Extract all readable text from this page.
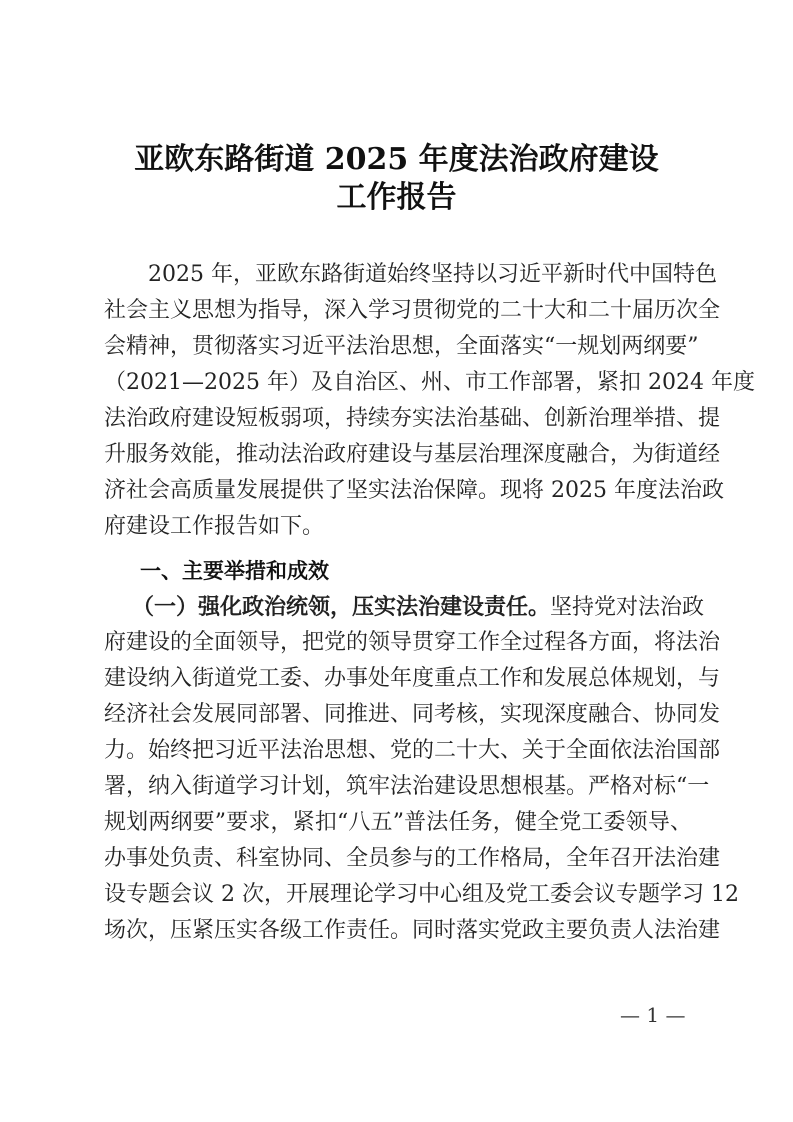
亚欧东路街道 2025 年度法治政府建设
工作报告
　　2025 年，亚欧东路街道始终坚持以习近平新时代中国特色
社会主义思想为指导，深入学习贯彻党的二十大和二十届历次全
会精神，贯彻落实习近平法治思想，全面落实“一规划两纲要”
（2021—2025 年）及自治区、州、市工作部署，紧扣 2024 年度
法治政府建设短板弱项，持续夯实法治基础、创新治理举措、提
升服务效能，推动法治政府建设与基层治理深度融合，为街道经
济社会高质量发展提供了坚实法治保障。现将 2025 年度法治政
府建设工作报告如下。
一、主要举措和成效
（一）强化政治统领，压实法治建设责任。坚持党对法治政
府建设的全面领导，把党的领导贯穿工作全过程各方面，将法治
建设纳入街道党工委、办事处年度重点工作和发展总体规划，与
经济社会发展同部署、同推进、同考核，实现深度融合、协同发
力。始终把习近平法治思想、党的二十大、关于全面依法治国部
署，纳入街道学习计划，筑牢法治建设思想根基。严格对标“一
规划两纲要”要求，紧扣“八五”普法任务，健全党工委领导、
办事处负责、科室协同、全员参与的工作格局，全年召开法治建
设专题会议 2 次，开展理论学习中心组及党工委会议专题学习 12
场次，压紧压实各级工作责任。同时落实党政主要负责人法治建
— 1 —
